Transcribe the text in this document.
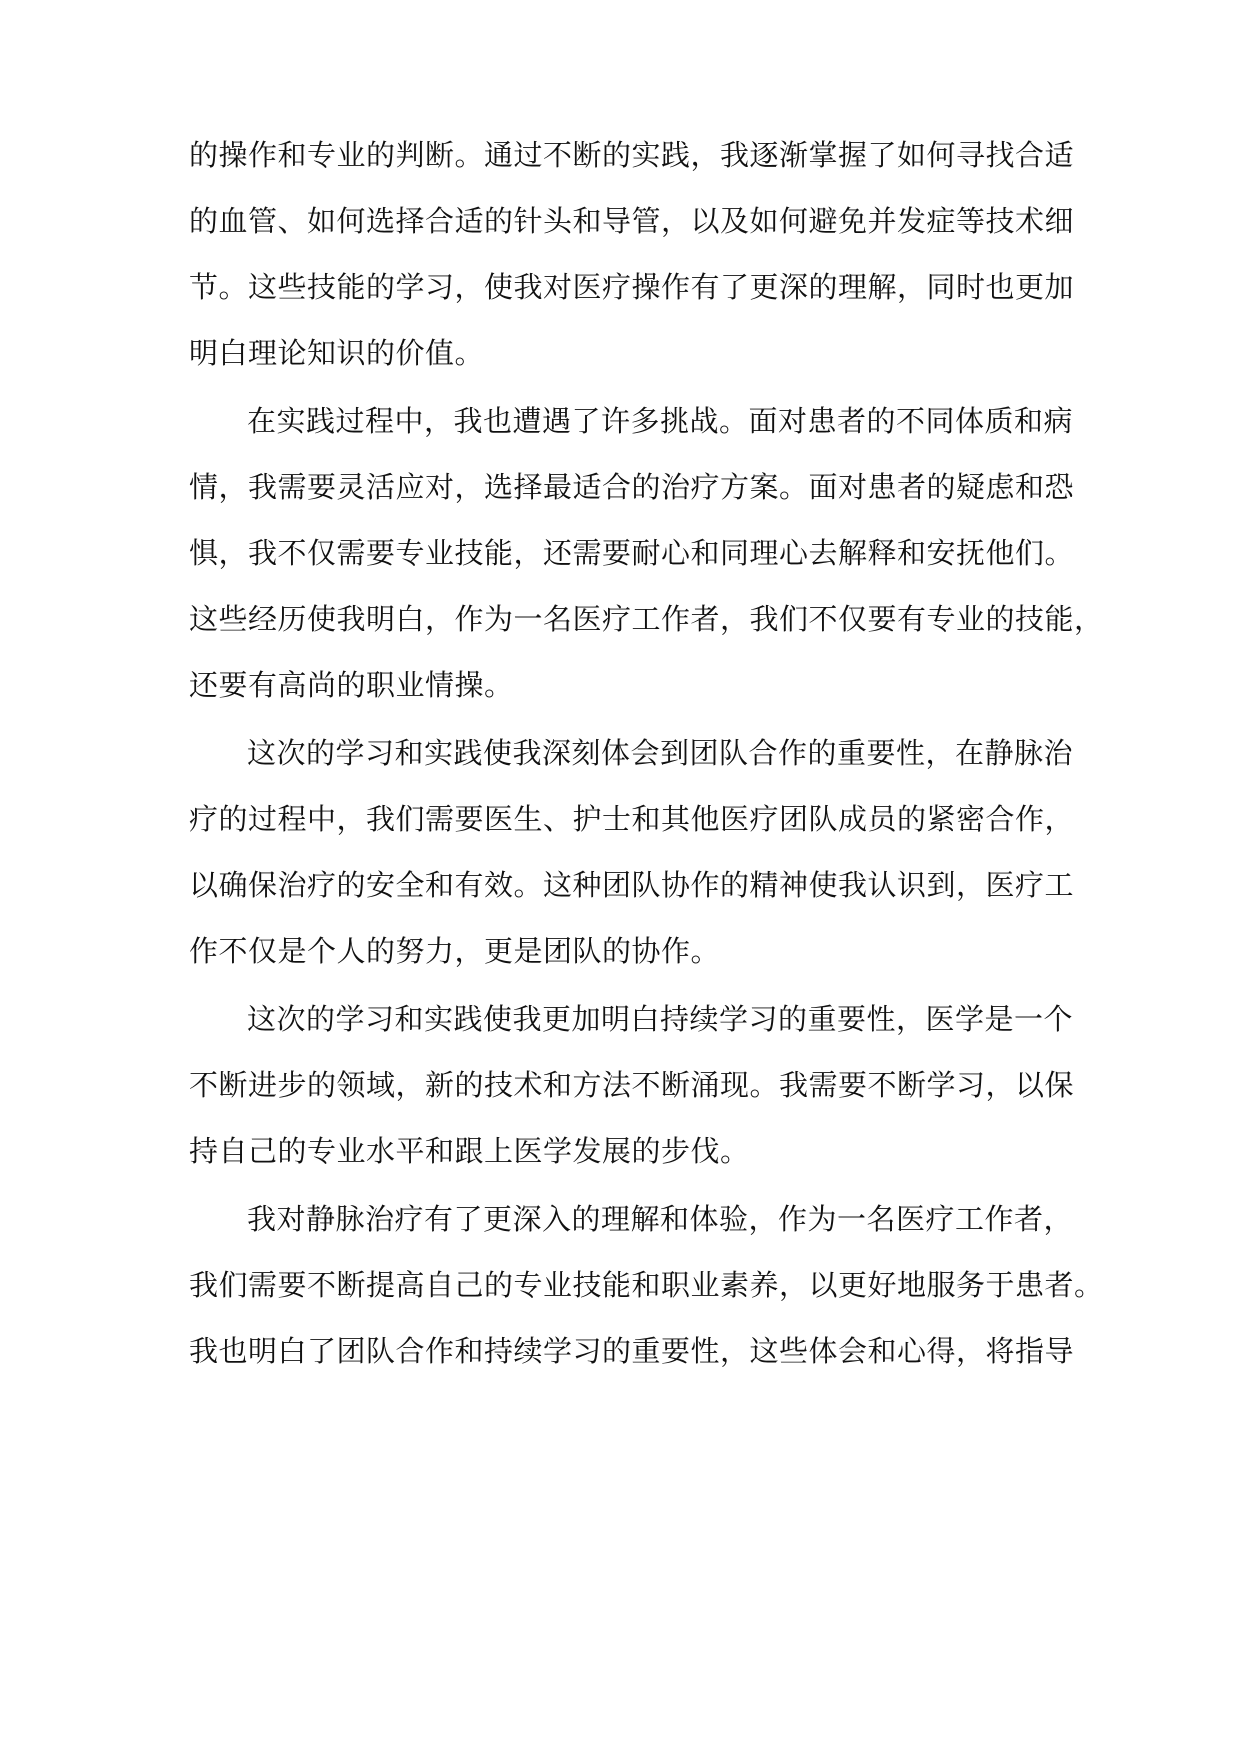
的操作和专业的判断。通过不断的实践，我逐渐掌握了如何寻找合适
的血管、如何选择合适的针头和导管，以及如何避免并发症等技术细
节。这些技能的学习，使我对医疗操作有了更深的理解，同时也更加
明白理论知识的价值。
在实践过程中，我也遭遇了许多挑战。面对患者的不同体质和病
情，我需要灵活应对，选择最适合的治疗方案。面对患者的疑虑和恐
惧，我不仅需要专业技能，还需要耐心和同理心去解释和安抚他们。
这些经历使我明白，作为一名医疗工作者，我们不仅要有专业的技能，
还要有高尚的职业情操。
这次的学习和实践使我深刻体会到团队合作的重要性，在静脉治
疗的过程中，我们需要医生、护士和其他医疗团队成员的紧密合作，
以确保治疗的安全和有效。这种团队协作的精神使我认识到，医疗工
作不仅是个人的努力，更是团队的协作。
这次的学习和实践使我更加明白持续学习的重要性，医学是一个
不断进步的领域，新的技术和方法不断涌现。我需要不断学习，以保
持自己的专业水平和跟上医学发展的步伐。
我对静脉治疗有了更深入的理解和体验，作为一名医疗工作者，
我们需要不断提高自己的专业技能和职业素养，以更好地服务于患者。
我也明白了团队合作和持续学习的重要性，这些体会和心得，将指导
